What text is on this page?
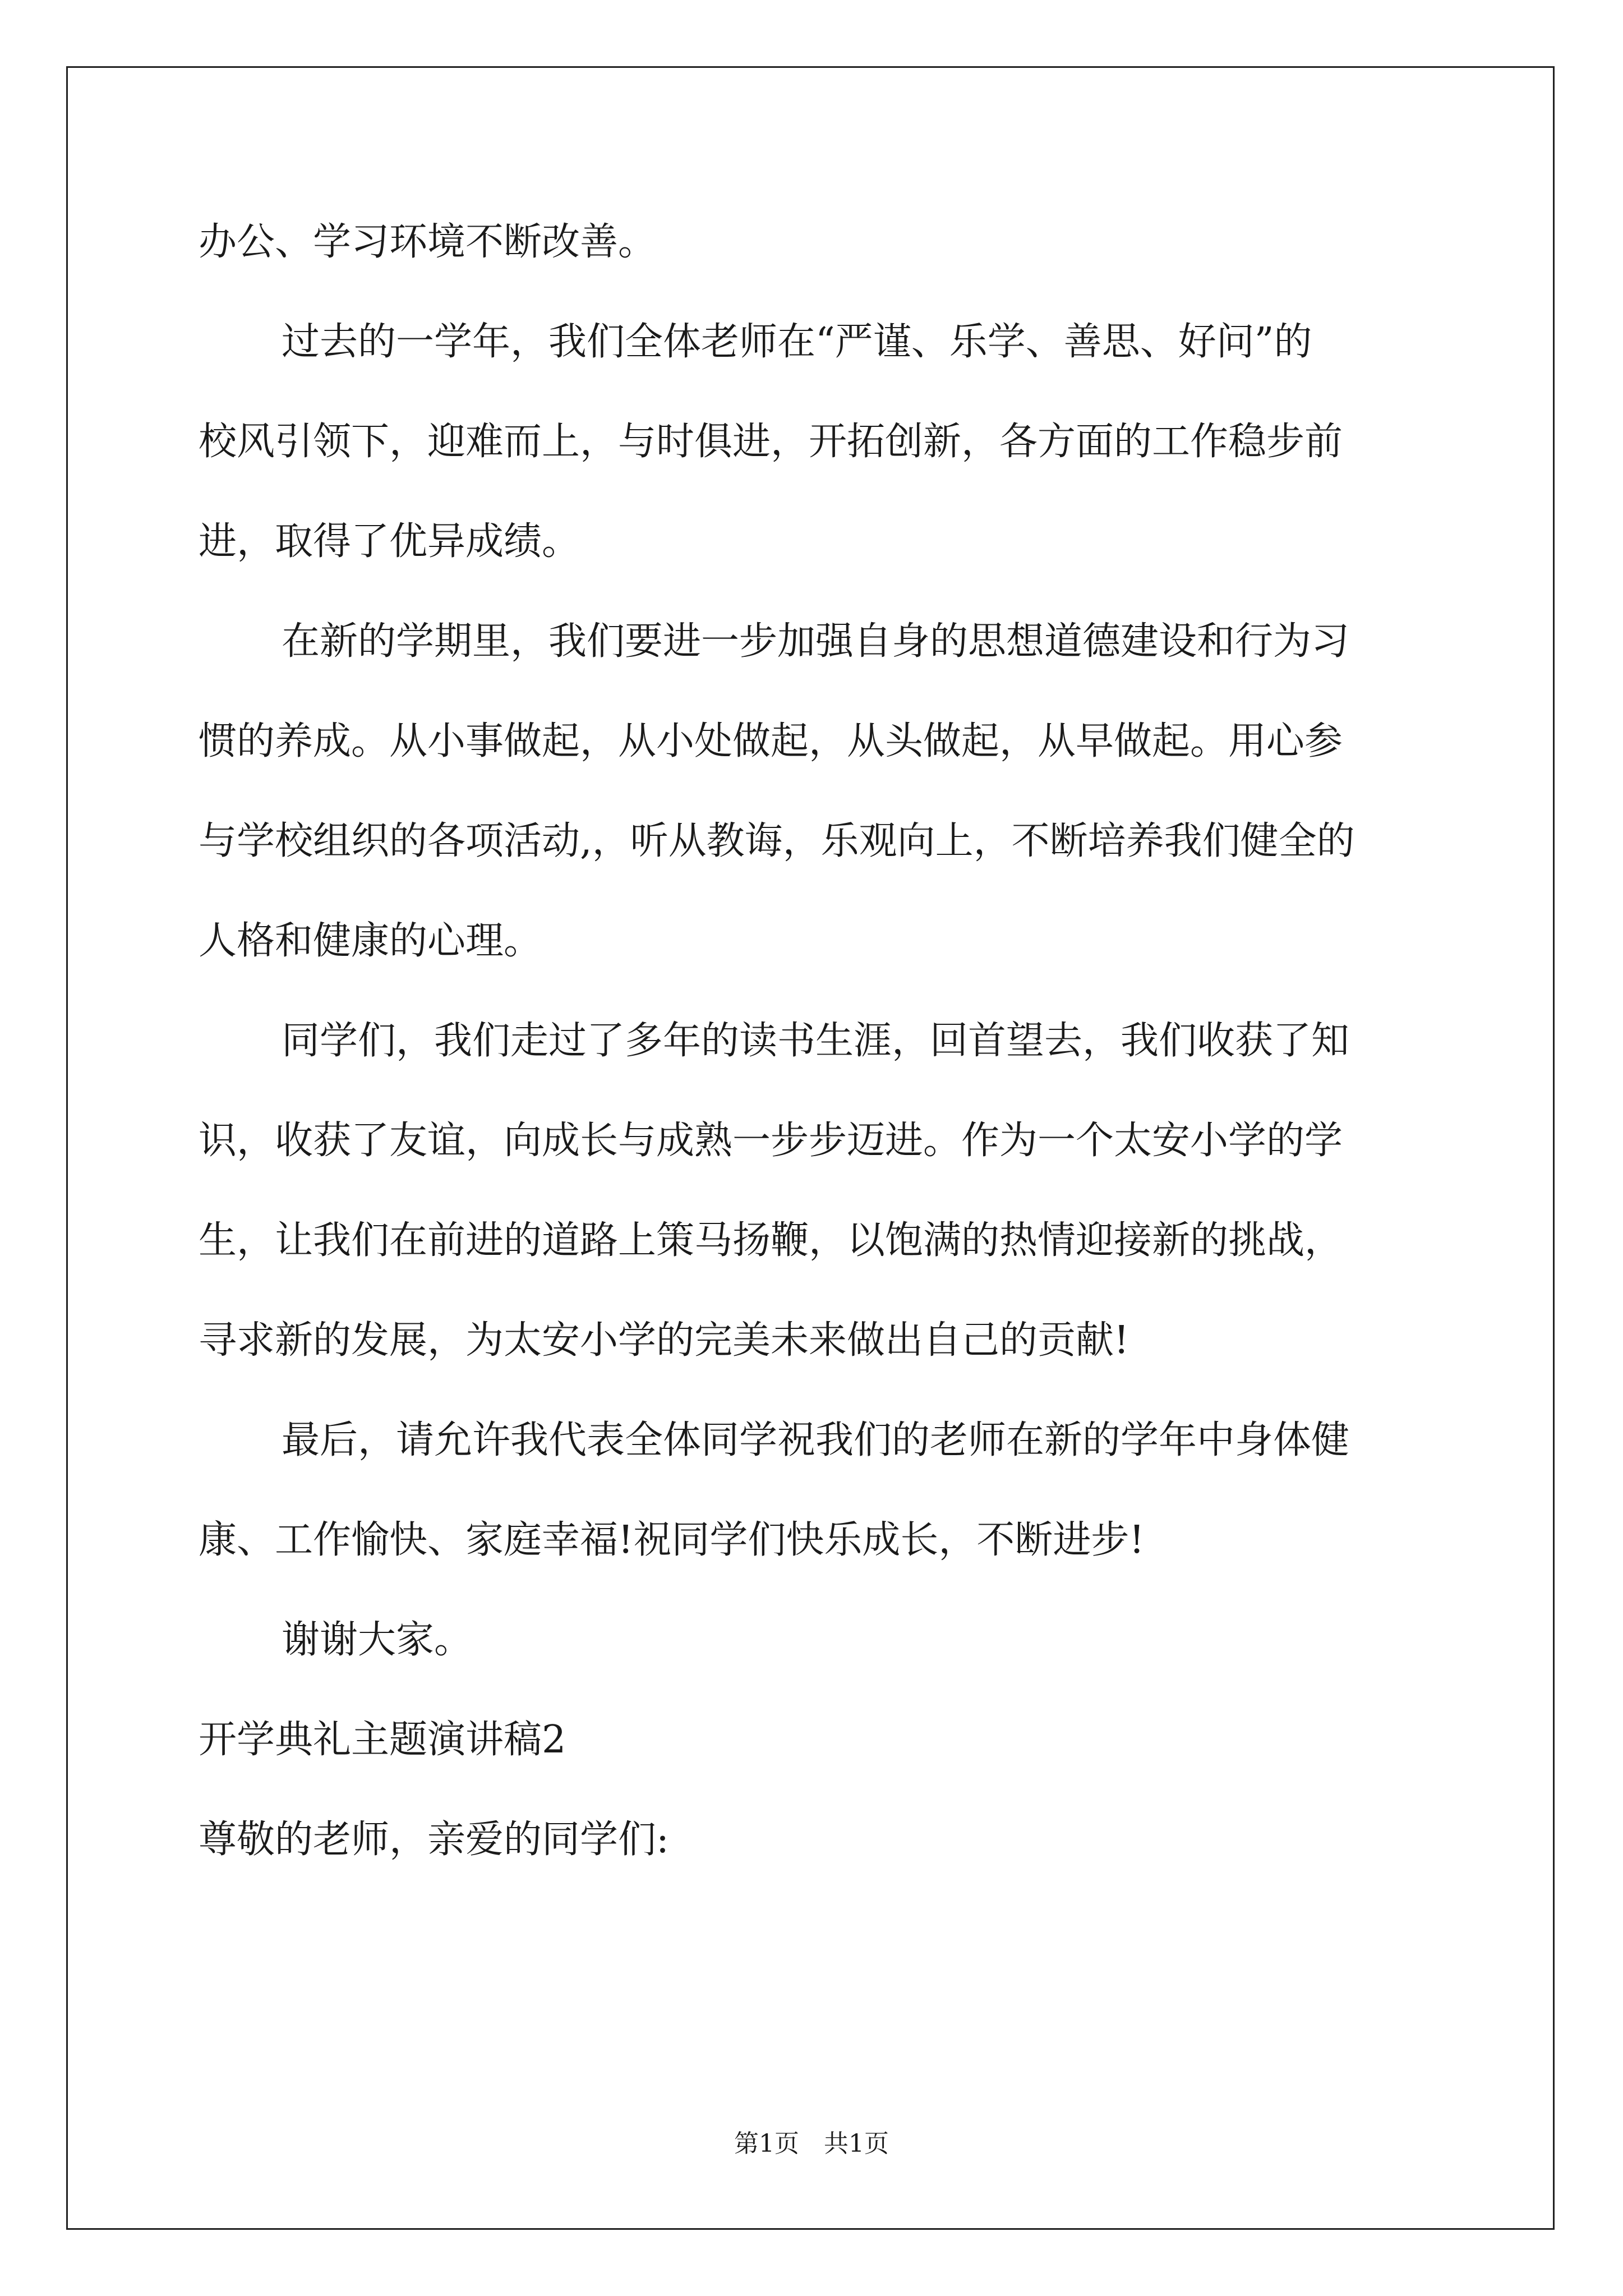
办公、学习环境不断改善。
过去的一学年，我们全体老师在“严谨、乐学、善思、好问”的
校风引领下，迎难而上，与时俱进，开拓创新，各方面的工作稳步前
进，取得了优异成绩。
在新的学期里，我们要进一步加强自身的思想道德建设和行为习
惯的养成。从小事做起，从小处做起，从头做起，从早做起。用心参
与学校组织的各项活动,，听从教诲，乐观向上，不断培养我们健全的
人格和健康的心理。
同学们，我们走过了多年的读书生涯，回首望去，我们收获了知
识，收获了友谊，向成长与成熟一步步迈进。作为一个太安小学的学
生，让我们在前进的道路上策马扬鞭，以饱满的热情迎接新的挑战，
寻求新的发展，为太安小学的完美未来做出自己的贡献!
最后，请允许我代表全体同学祝我们的老师在新的学年中身体健
康、工作愉快、家庭幸福!祝同学们快乐成长，不断进步!
谢谢大家。
开学典礼主题演讲稿2
尊敬的老师，亲爱的同学们:
第1页　共1页
